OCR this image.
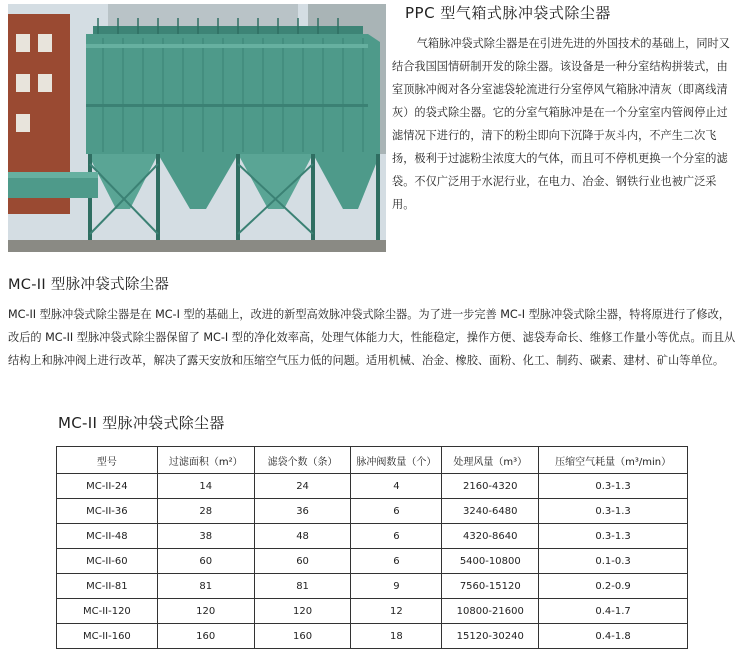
PPC 型气箱式脉冲袋式除尘器

气箱脉冲袋式除尘器是在引进先进的外国技术的基础上，同时又结合我国国情研制开发的除尘器。该设备是一种分室结构拼装式，由室顶脉冲阀对各分室滤袋轮流进行分室停风气箱脉冲清灰（即离线清灰）的袋式除尘器。它的分室气箱脉冲是在一个分室室内管阀停止过滤情况下进行的，清下的粉尘即向下沉降于灰斗内，不产生二次飞扬，极利于过滤粉尘浓度大的气体，而且可不停机更换一个分室的滤袋。不仅广泛用于水泥行业，在电力、冶金、钢铁行业也被广泛采用。

MC-II 型脉冲袋式除尘器

MC-II 型脉冲袋式除尘器是在 MC-I 型的基础上，改进的新型高效脉冲袋式除尘器。为了进一步完善 MC-I 型脉冲袋式除尘器，特将原进行了修改，改后的 MC-II 型脉冲袋式除尘器保留了 MC-I 型的净化效率高，处理气体能力大，性能稳定，操作方便、滤袋寿命长、维修工作量小等优点。而且从结构上和脉冲阀上进行改革，解决了露天安放和压缩空气压力低的问题。适用机械、冶金、橡胶、面粉、化工、制药、碳素、建材、矿山等单位。

MC-II 型脉冲袋式除尘器
型号	过滤面积（m²）	滤袋个数（条）	脉冲阀数量（个）	处理风量（m³）	压缩空气耗量（m³/min）
MC-II-24	14	24	4	2160-4320	0.3-1.3
MC-II-36	28	36	6	3240-6480	0.3-1.3
MC-II-48	38	48	6	4320-8640	0.3-1.3
MC-II-60	60	60	6	5400-10800	0.1-0.3
MC-II-81	81	81	9	7560-15120	0.2-0.9
MC-II-120	120	120	12	10800-21600	0.4-1.7
MC-II-160	160	160	18	15120-30240	0.4-1.8
